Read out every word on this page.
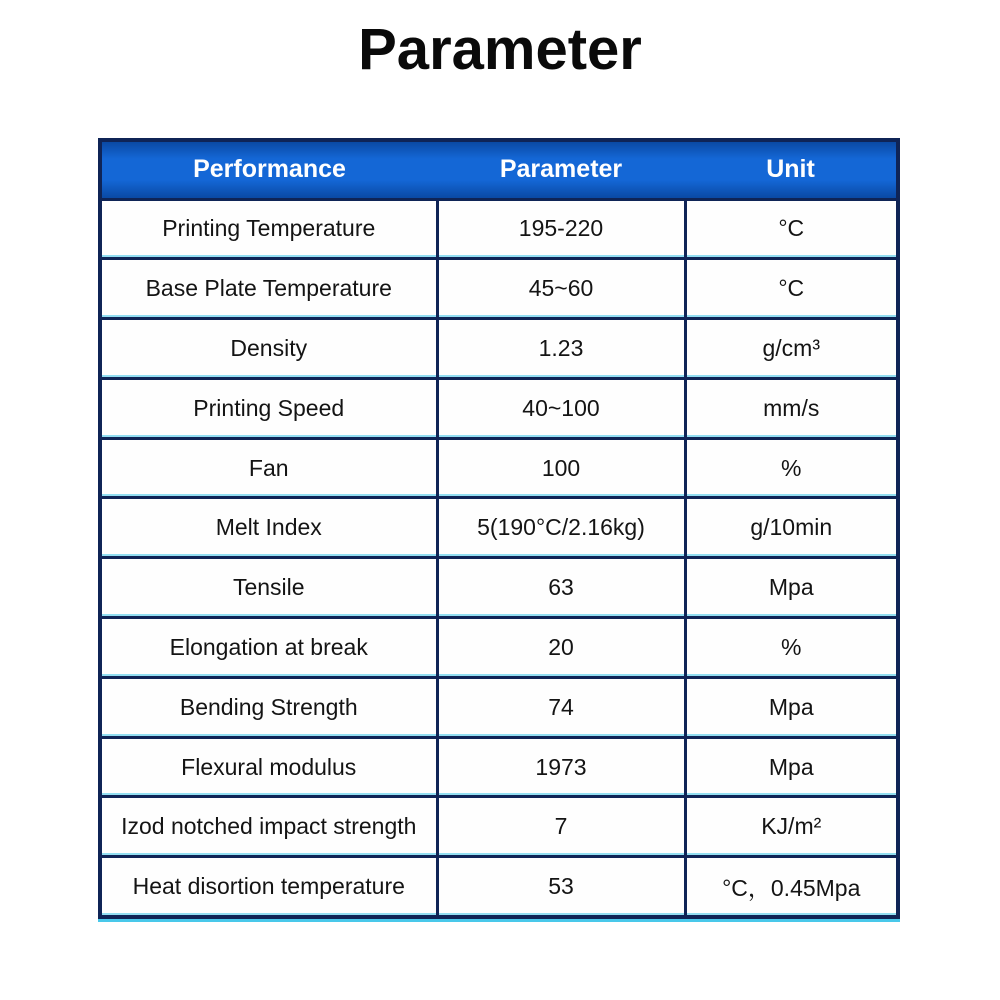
Parameter
Performance	Parameter	Unit
Printing Temperature	195-220	°C
Base Plate Temperature	45~60	°C
Density	1.23	g/cm³
Printing Speed	40~100	mm/s
Fan	100	%
Melt Index	5(190°C/2.16kg)	g/10min
Tensile	63	Mpa
Elongation at break	20	%
Bending Strength	74	Mpa
Flexural modulus	1973	Mpa
Izod notched impact strength	7	KJ/m²
Heat disortion temperature	53	°C，0.45Mpa
